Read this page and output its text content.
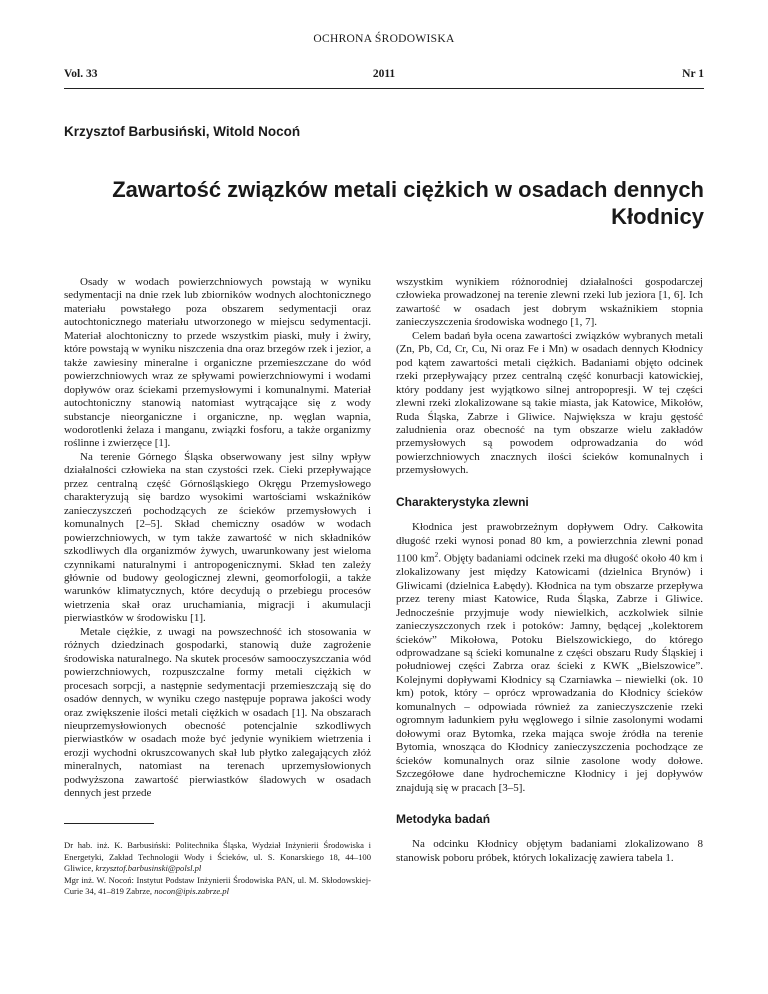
OCHRONA ŚRODOWISKA
Vol. 33	2011	Nr 1
Krzysztof Barbusiński, Witold Nocoń
Zawartość związków metali ciężkich w osadach dennych
Kłodnicy

Osady w wodach powierzchniowych powstają w wyniku sedymentacji na dnie rzek lub zbiorników wodnych alochtonicznego materiału powstałego poza obszarem sedymentacji oraz autochtonicznego materiału utworzonego w miejscu sedymentacji. Materiał alochtoniczny to przede wszystkim piaski, muły i żwiry, które powstają w wyniku niszczenia dna oraz brzegów rzek i jezior, a także zawiesiny mineralne i organiczne przemieszczane do wód powierzchniowych wraz ze spływami powierzchniowymi i wodami dopływów oraz ściekami przemysłowymi i komunalnymi. Materiał autochtoniczny stanowią natomiast wytrącające się z wody substancje nieorganiczne i organiczne, np. węglan wapnia, wodorotlenki żelaza i manganu, związki fosforu, a także organizmy roślinne i zwierzęce [1].

Na terenie Górnego Śląska obserwowany jest silny wpływ działalności człowieka na stan czystości rzek. Cieki przepływające przez centralną część Górnośląskiego Okręgu Przemysłowego charakteryzują się bardzo wysokimi wartościami wskaźników zanieczyszczeń pochodzących ze ścieków przemysłowych i komunalnych [2–5]. Skład chemiczny osadów w wodach powierzchniowych, w tym także zawartość w nich składników szkodliwych dla organizmów żywych, uwarunkowany jest wieloma czynnikami naturalnymi i antropogenicznymi. Skład ten zależy głównie od budowy geologicznej zlewni, geomorfologii, a także warunków klimatycznych, które decydują o przebiegu procesów wietrzenia skał oraz uruchamiania, migracji i akumulacji pierwiastków w środowisku [1].

Metale ciężkie, z uwagi na powszechność ich stosowania w różnych dziedzinach gospodarki, stanowią duże zagrożenie środowiska naturalnego. Na skutek procesów samooczyszczania wód powierzchniowych, rozpuszczalne formy metali ciężkich w procesach sorpcji, a następnie sedymentacji przemieszczają się do osadów dennych, w wyniku czego następuje poprawa jakości wody oraz zwiększenie ilości metali ciężkich w osadach [1]. Na obszarach nieuprzemysłowionych obecność potencjalnie szkodliwych pierwiastków w osadach może być jedynie wynikiem wietrzenia i erozji wychodni okruszcowanych skał lub płytko zalegających złóż mineralnych, natomiast na terenach uprzemysłowionych podwyższona zawartość pierwiastków śladowych w osadach dennych jest przede

Dr hab. inż. K. Barbusiński: Politechnika Śląska, Wydział Inżynierii Środowiska i Energetyki, Zakład Technologii Wody i Ścieków, ul. S. Konarskiego 18, 44–100 Gliwice, krzysztof.barbusinski@polsl.pl

Mgr inż. W. Nocoń: Instytut Podstaw Inżynierii Środowiska PAN, ul. M. Skłodowskiej-Curie 34, 41–819 Zabrze, nocon@ipis.zabrze.pl

wszystkim wynikiem różnorodniej działalności gospodarczej człowieka prowadzonej na terenie zlewni rzeki lub jeziora [1, 6]. Ich zawartość w osadach jest dobrym wskaźnikiem stopnia zanieczyszczenia środowiska wodnego [1, 7].

Celem badań była ocena zawartości związków wybranych metali (Zn, Pb, Cd, Cr, Cu, Ni oraz Fe i Mn) w osadach dennych Kłodnicy pod kątem zawartości metali ciężkich. Badaniami objęto odcinek rzeki przepływający przez centralną część konurbacji katowickiej, który poddany jest wyjątkowo silnej antropopresji. W tej części zlewni rzeki zlokalizowane są takie miasta, jak Katowice, Mikołów, Ruda Śląska, Zabrze i Gliwice. Największa w kraju gęstość zaludnienia oraz obecność na tym obszarze wielu zakładów przemysłowych są powodem odprowadzania do wód powierzchniowych znacznych ilości ścieków komunalnych i przemysłowych.

Charakterystyka zlewni

Kłodnica jest prawobrzeżnym dopływem Odry. Całkowita długość rzeki wynosi ponad 80 km, a powierzchnia zlewni ponad 1100 $km^2$. Objęty badaniami odcinek rzeki ma długość około 40 km i zlokalizowany jest między Katowicami (dzielnica Brynów) i Gliwicami (dzielnica Łabędy). Kłodnica na tym obszarze przepływa przez tereny miast Katowice, Ruda Śląska, Zabrze i Gliwice. Jednocześnie przyjmuje wody niewielkich, aczkolwiek silnie zanieczyszczonych rzek i potoków: Jamny, będącej „kolektorem ścieków” Mikołowa, Potoku Bielszowickiego, do którego odprowadzane są ścieki komunalne z części obszaru Rudy Śląskiej i południowej części Zabrza oraz ścieki z KWK „Bielszowice”. Kolejnymi dopływami Kłodnicy są Czarniawka – niewielki (ok. 10 km) potok, który – oprócz wprowadzania do Kłodnicy ścieków komunalnych – odpowiada również za zanieczyszczenie rzeki ogromnym ładunkiem pyłu węglowego i silnie zasolonymi wodami dołowymi oraz Bytomka, rzeka mająca swoje źródła na terenie Bytomia, wnosząca do Kłodnicy zanieczyszczenia pochodzące ze ścieków komunalnych oraz silnie zasolone wody dołowe. Szczegółowe dane hydrochemiczne Kłodnicy i jej dopływów znajdują się w pracach [3–5].

Metodyka badań

Na odcinku Kłodnicy objętym badaniami zlokalizowano 8 stanowisk poboru próbek, których lokalizację zawiera tabela 1.
